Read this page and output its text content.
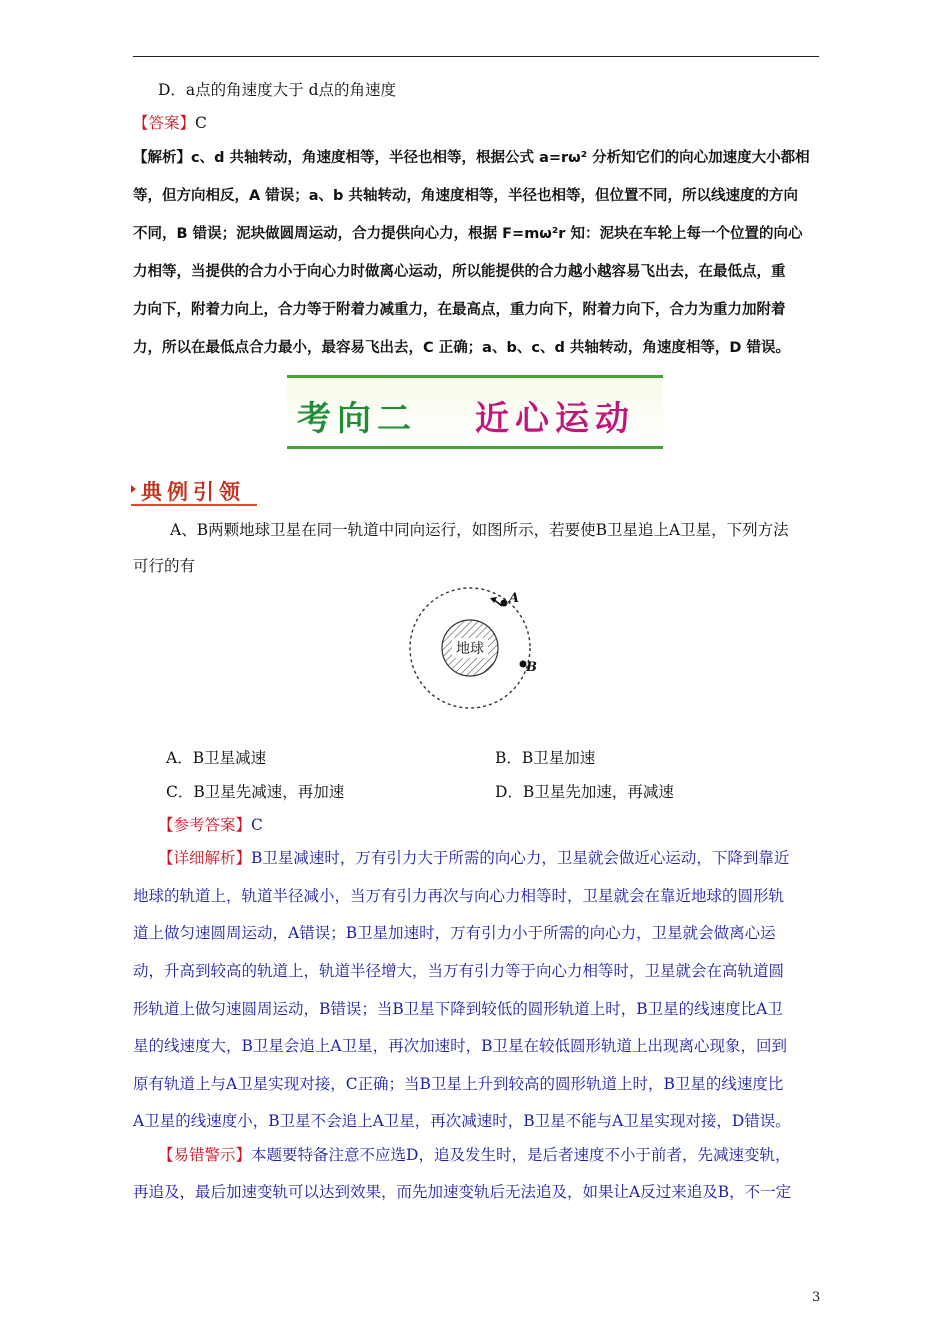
D．a点的角速度大于 d点的角速度
【答案】C
【解析】c、d 共轴转动，角速度相等，半径也相等，根据公式 a=rω² 分析知它们的向心加速度大小都相
等，但方向相反，A 错误；a、b 共轴转动，角速度相等，半径也相等，但位置不同，所以线速度的方向
不同，B 错误；泥块做圆周运动，合力提供向心力，根据 F=mω²r 知：泥块在车轮上每一个位置的向心
力相等，当提供的合力小于向心力时做离心运动，所以能提供的合力越小越容易飞出去，在最低点，重
力向下，附着力向上，合力等于附着力减重力，在最高点，重力向下，附着力向下，合力为重力加附着
力，所以在最低点合力最小，最容易飞出去，C 正确；a、b、c、d 共轴转动，角速度相等，D 错误。
考向二 近心运动
典例引领
A、B两颗地球卫星在同一轨道中同向运行，如图所示，若要使B卫星追上A卫星，下列方法
可行的有
地球
A
B
A．B卫星减速	B．B卫星加速
C．B卫星先减速，再加速	D．B卫星先加速，再减速
【参考答案】C
【详细解析】B卫星减速时，万有引力大于所需的向心力，卫星就会做近心运动，下降到靠近
地球的轨道上，轨道半径减小，当万有引力再次与向心力相等时，卫星就会在靠近地球的圆形轨
道上做匀速圆周运动，A错误；B卫星加速时，万有引力小于所需的向心力，卫星就会做离心运
动，升高到较高的轨道上，轨道半径增大，当万有引力等于向心力相等时，卫星就会在高轨道圆
形轨道上做匀速圆周运动，B错误；当B卫星下降到较低的圆形轨道上时，B卫星的线速度比A卫
星的线速度大，B卫星会追上A卫星，再次加速时，B卫星在较低圆形轨道上出现离心现象，回到
原有轨道上与A卫星实现对接，C正确；当B卫星上升到较高的圆形轨道上时，B卫星的线速度比
A卫星的线速度小，B卫星不会追上A卫星，再次减速时，B卫星不能与A卫星实现对接，D错误。
【易错警示】本题要特备注意不应选D，追及发生时，是后者速度不小于前者，先减速变轨，
再追及，最后加速变轨可以达到效果，而先加速变轨后无法追及，如果让A反过来追及B，不一定
3
